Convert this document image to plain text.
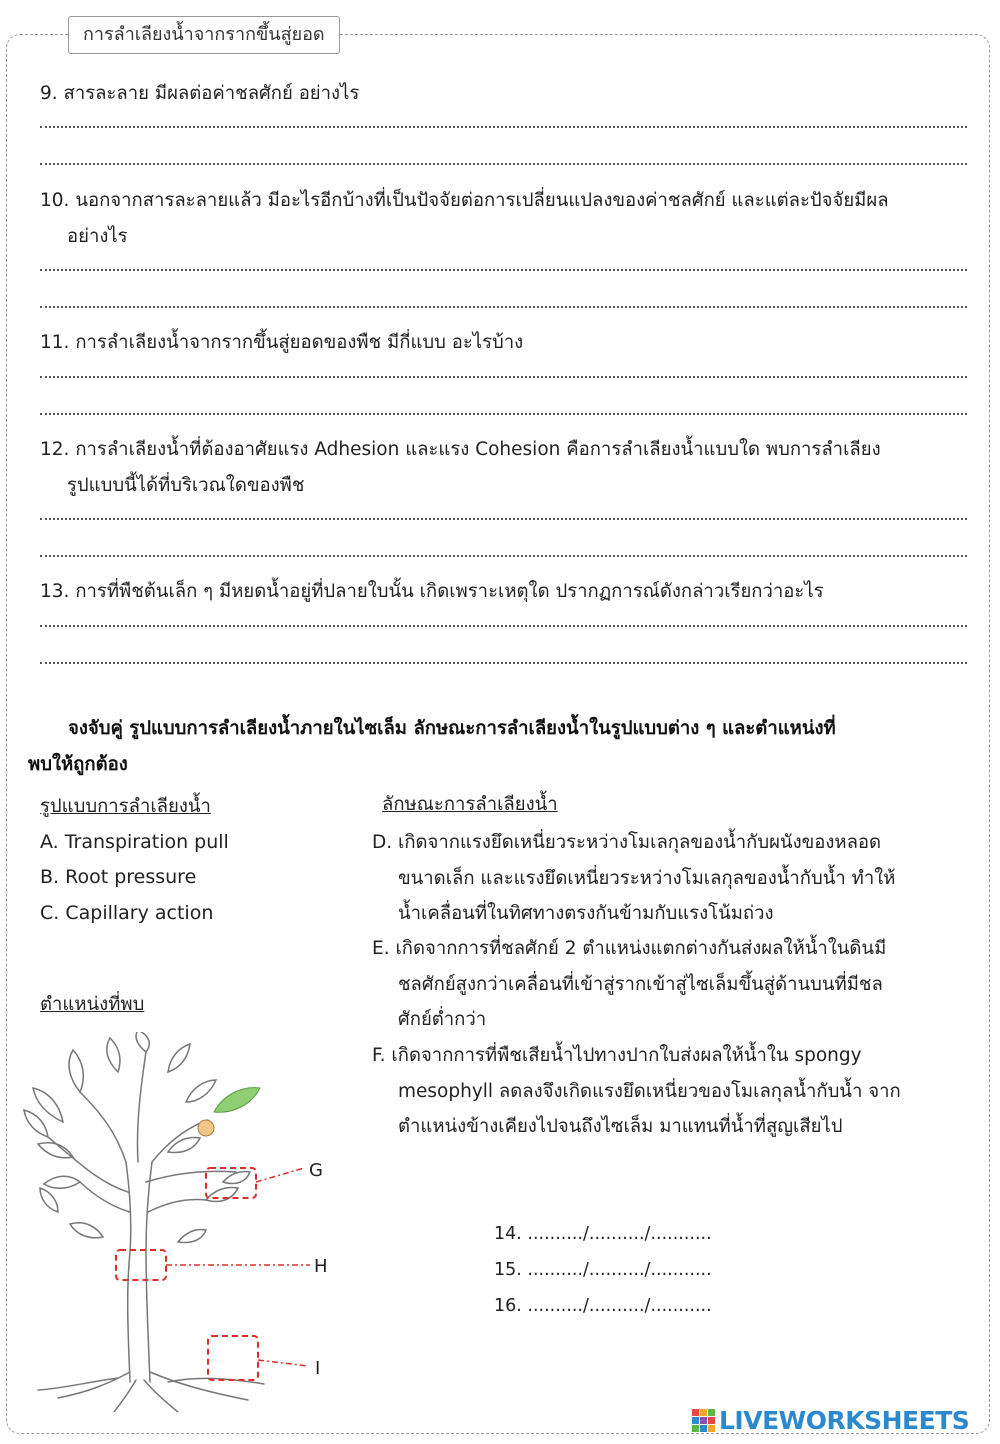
การลำเลียงน้ำจากรากขึ้นสู่ยอด
9. สารละลาย มีผลต่อค่าชลศักย์ อย่างไร
10. นอกจากสารละลายแล้ว มีอะไรอีกบ้างที่เป็นปัจจัยต่อการเปลี่ยนแปลงของค่าชลศักย์ และแต่ละปัจจัยมีผล
อย่างไร
11. การลำเลียงน้ำจากรากขึ้นสู่ยอดของพืช มีกี่แบบ อะไรบ้าง
12. การลำเลียงน้ำที่ต้องอาศัยแรง Adhesion และแรง Cohesion คือการลำเลียงน้ำแบบใด พบการลำเลียง
รูปแบบนี้ได้ที่บริเวณใดของพืช
13. การที่พืชต้นเล็ก ๆ มีหยดน้ำอยู่ที่ปลายใบนั้น เกิดเพราะเหตุใด ปรากฏการณ์ดังกล่าวเรียกว่าอะไร
จงจับคู่ รูปแบบการลำเลียงน้ำภายในไซเล็ม ลักษณะการลำเลียงน้ำในรูปแบบต่าง ๆ และตำแหน่งที่
พบให้ถูกต้อง
รูปแบบการลำเลียงน้ำ
A. Transpiration pull
B. Root pressure
C. Capillary action
ลักษณะการลำเลียงน้ำ
D. เกิดจากแรงยึดเหนี่ยวระหว่างโมเลกุลของน้ำกับผนังของหลอด
ขนาดเล็ก และแรงยึดเหนี่ยวระหว่างโมเลกุลของน้ำกับน้ำ ทำให้
น้ำเคลื่อนที่ในทิศทางตรงกันข้ามกับแรงโน้มถ่วง
E. เกิดจากการที่ชลศักย์ 2 ตำแหน่งแตกต่างกันส่งผลให้น้ำในดินมี
ชลศักย์สูงกว่าเคลื่อนที่เข้าสู่รากเข้าสู่ไซเล็มขึ้นสู่ด้านบนที่มีชล
ศักย์ต่ำกว่า
F. เกิดจากการที่พืชเสียน้ำไปทางปากใบส่งผลให้น้ำใน spongy
mesophyll ลดลงจึงเกิดแรงยึดเหนี่ยวของโมเลกุลน้ำกับน้ำ จาก
ตำแหน่งข้างเคียงไปจนถึงไซเล็ม มาแทนที่น้ำที่สูญเสียไป
ตำแหน่งที่พบ
G
H
I
14. ........../........../...........
15. ........../........../...........
16. ........../........../...........
LIVEWORKSHEETS
